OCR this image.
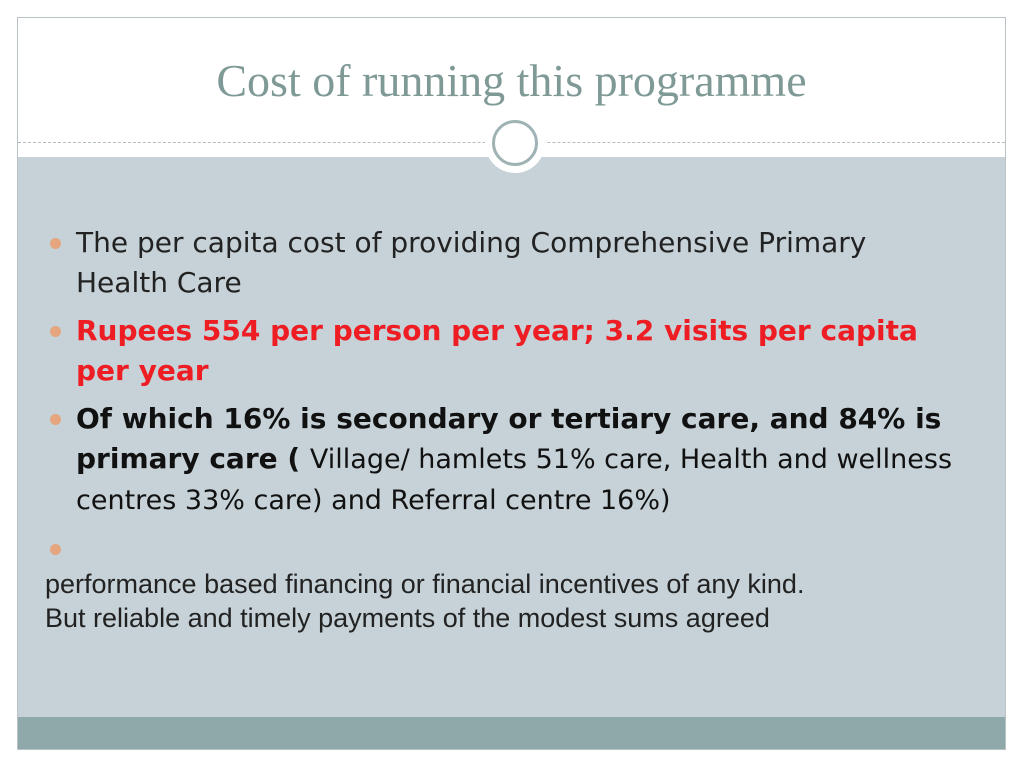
Cost of running this programme
The per capita cost of providing Comprehensive Primary Health Care
Rupees 554 per person per year; 3.2 visits per capita per year
Of which 16% is secondary or tertiary care, and 84% is primary care ( Village/ hamlets 51% care, Health and wellness centres 33% care) and Referral centre 16%)
performance based financing or financial incentives of any kind.
But reliable and timely payments of the modest sums agreed
